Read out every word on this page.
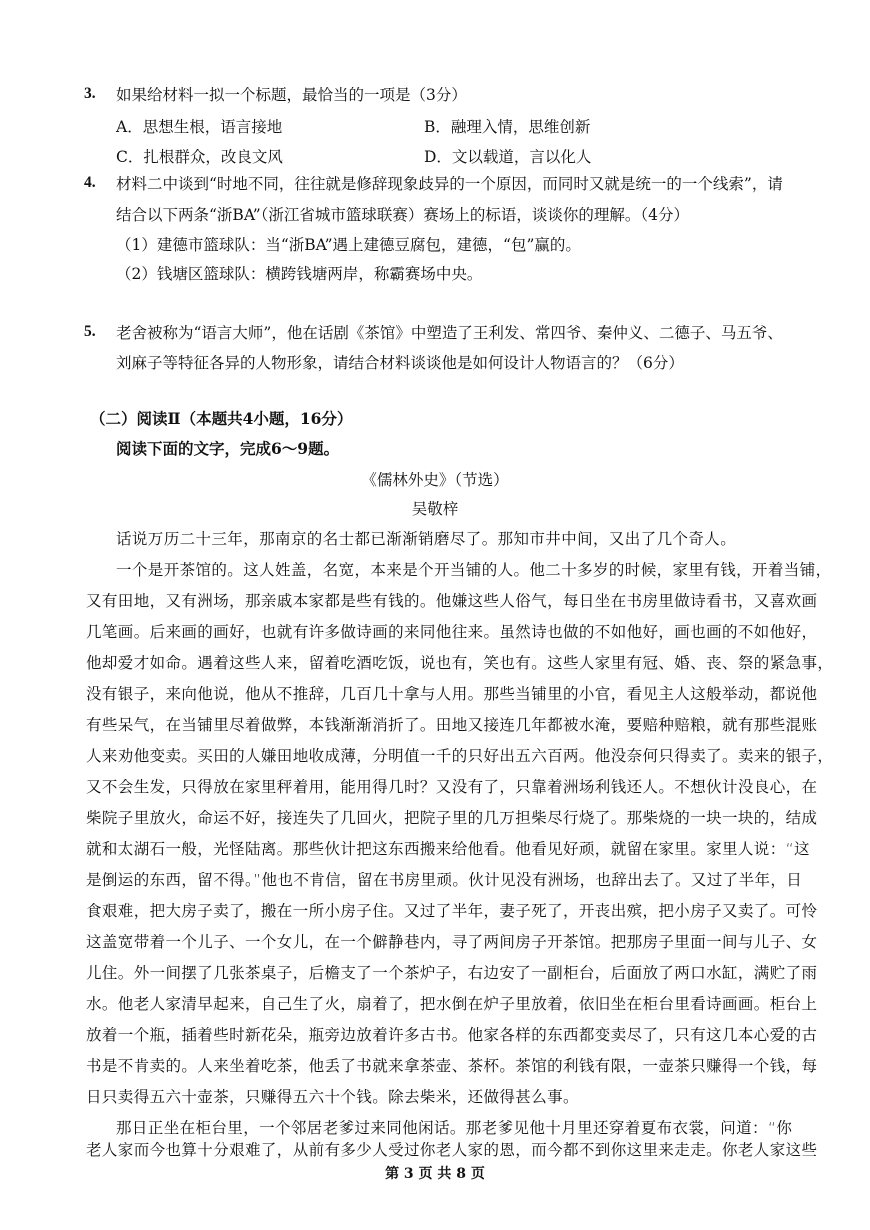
3. 如果给材料一拟一个标题，最恰当的一项是（3分）
A．思想生根，语言接地	B．融理入情，思维创新
C．扎根群众，改良文风	D．文以载道，言以化人
4. 材料二中谈到“时地不同，往往就是修辞现象歧异的一个原因，而同时又就是统一的一个线索”，请
结合以下两条“浙BA”（浙江省城市篮球联赛）赛场上的标语，谈谈你的理解。（4分）
（1）建德市篮球队：当“浙BA”遇上建德豆腐包，建德，“包”赢的。
（2）钱塘区篮球队：横跨钱塘两岸，称霸赛场中央。
5. 老舍被称为“语言大师”，他在话剧《茶馆》中塑造了王利发、常四爷、秦仲义、二德子、马五爷、
刘麻子等特征各异的人物形象，请结合材料谈谈他是如何设计人物语言的？（6分）
（二）阅读Ⅱ（本题共4小题，16分）
阅读下面的文字，完成6～9题。
《儒林外史》（节选）
吴敬梓
话说万历二十三年，那南京的名士都已渐渐销磨尽了。那知市井中间，又出了几个奇人。
一个是开茶馆的。这人姓盖，名宽，本来是个开当铺的人。他二十多岁的时候，家里有钱，开着当铺，
又有田地，又有洲场，那亲戚本家都是些有钱的。他嫌这些人俗气，每日坐在书房里做诗看书，又喜欢画
几笔画。后来画的画好，也就有许多做诗画的来同他往来。虽然诗也做的不如他好，画也画的不如他好，
他却爱才如命。遇着这些人来，留着吃酒吃饭，说也有，笑也有。这些人家里有冠、婚、丧、祭的紧急事，
没有银子，来向他说，他从不推辞，几百几十拿与人用。那些当铺里的小官，看见主人这般举动，都说他
有些呆气，在当铺里尽着做弊，本钱渐渐消折了。田地又接连几年都被水淹，要赔种赔粮，就有那些混账
人来劝他变卖。买田的人嫌田地收成薄，分明值一千的只好出五六百两。他没奈何只得卖了。卖来的银子，
又不会生发，只得放在家里秤着用，能用得几时？又没有了，只靠着洲场利钱还人。不想伙计没良心，在
柴院子里放火，命运不好，接连失了几回火，把院子里的几万担柴尽行烧了。那柴烧的一块一块的，结成
就和太湖石一般，光怪陆离。那些伙计把这东西搬来给他看。他看见好顽，就留在家里。家里人说：“这
是倒运的东西，留不得。”他也不肯信，留在书房里顽。伙计见没有洲场，也辞出去了。又过了半年，日
食艰难，把大房子卖了，搬在一所小房子住。又过了半年，妻子死了，开丧出殡，把小房子又卖了。可怜
这盖宽带着一个儿子、一个女儿，在一个僻静巷内，寻了两间房子开茶馆。把那房子里面一间与儿子、女
儿住。外一间摆了几张茶桌子，后檐支了一个茶炉子，右边安了一副柜台，后面放了两口水缸，满贮了雨
水。他老人家清早起来，自己生了火，扇着了，把水倒在炉子里放着，依旧坐在柜台里看诗画画。柜台上
放着一个瓶，插着些时新花朵，瓶旁边放着许多古书。他家各样的东西都变卖尽了，只有这几本心爱的古
书是不肯卖的。人来坐着吃茶，他丢了书就来拿茶壶、茶杯。茶馆的利钱有限，一壶茶只赚得一个钱，每
日只卖得五六十壶茶，只赚得五六十个钱。除去柴米，还做得甚么事。
那日正坐在柜台里，一个邻居老爹过来同他闲话。那老爹见他十月里还穿着夏布衣裳，问道：“你
老人家而今也算十分艰难了，从前有多少人受过你老人家的恩，而今都不到你这里来走走。你老人家这些
第 3 页 共 8 页
